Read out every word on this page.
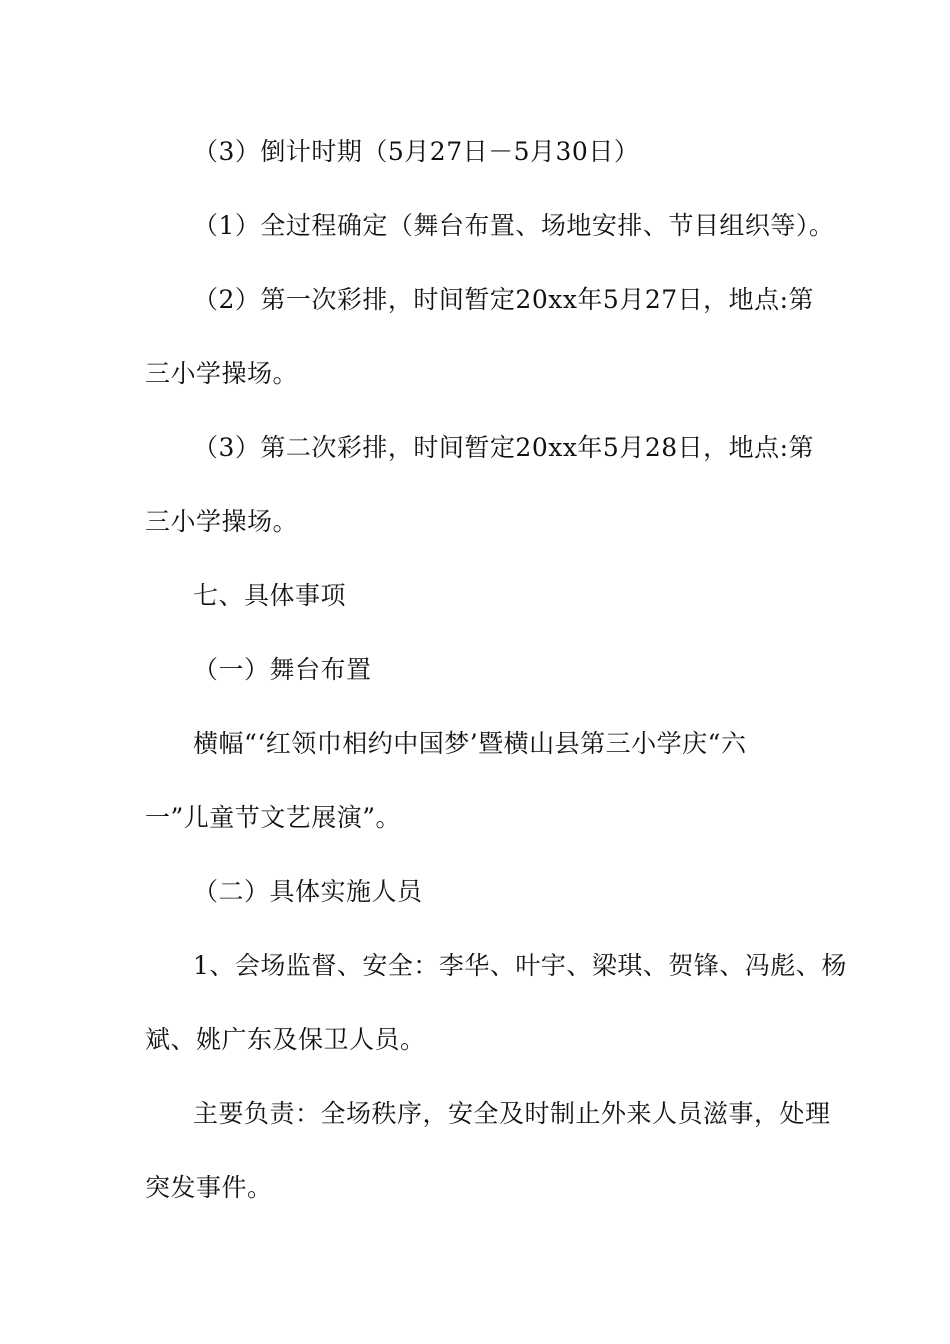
（3）倒计时期（5月27日－5月30日）
（1）全过程确定（舞台布置、场地安排、节目组织等）。
（2）第一次彩排，时间暂定20xx年5月27日，地点:第
三小学操场。
（3）第二次彩排，时间暂定20xx年5月28日，地点:第
三小学操场。
七、具体事项
（一）舞台布置
横幅“‘红领巾相约中国梦’暨横山县第三小学庆“六
一”儿童节文艺展演”。
（二）具体实施人员
1、会场监督、安全：李华、叶宇、梁琪、贺锋、冯彪、杨
斌、姚广东及保卫人员。
主要负责：全场秩序，安全及时制止外来人员滋事，处理
突发事件。
